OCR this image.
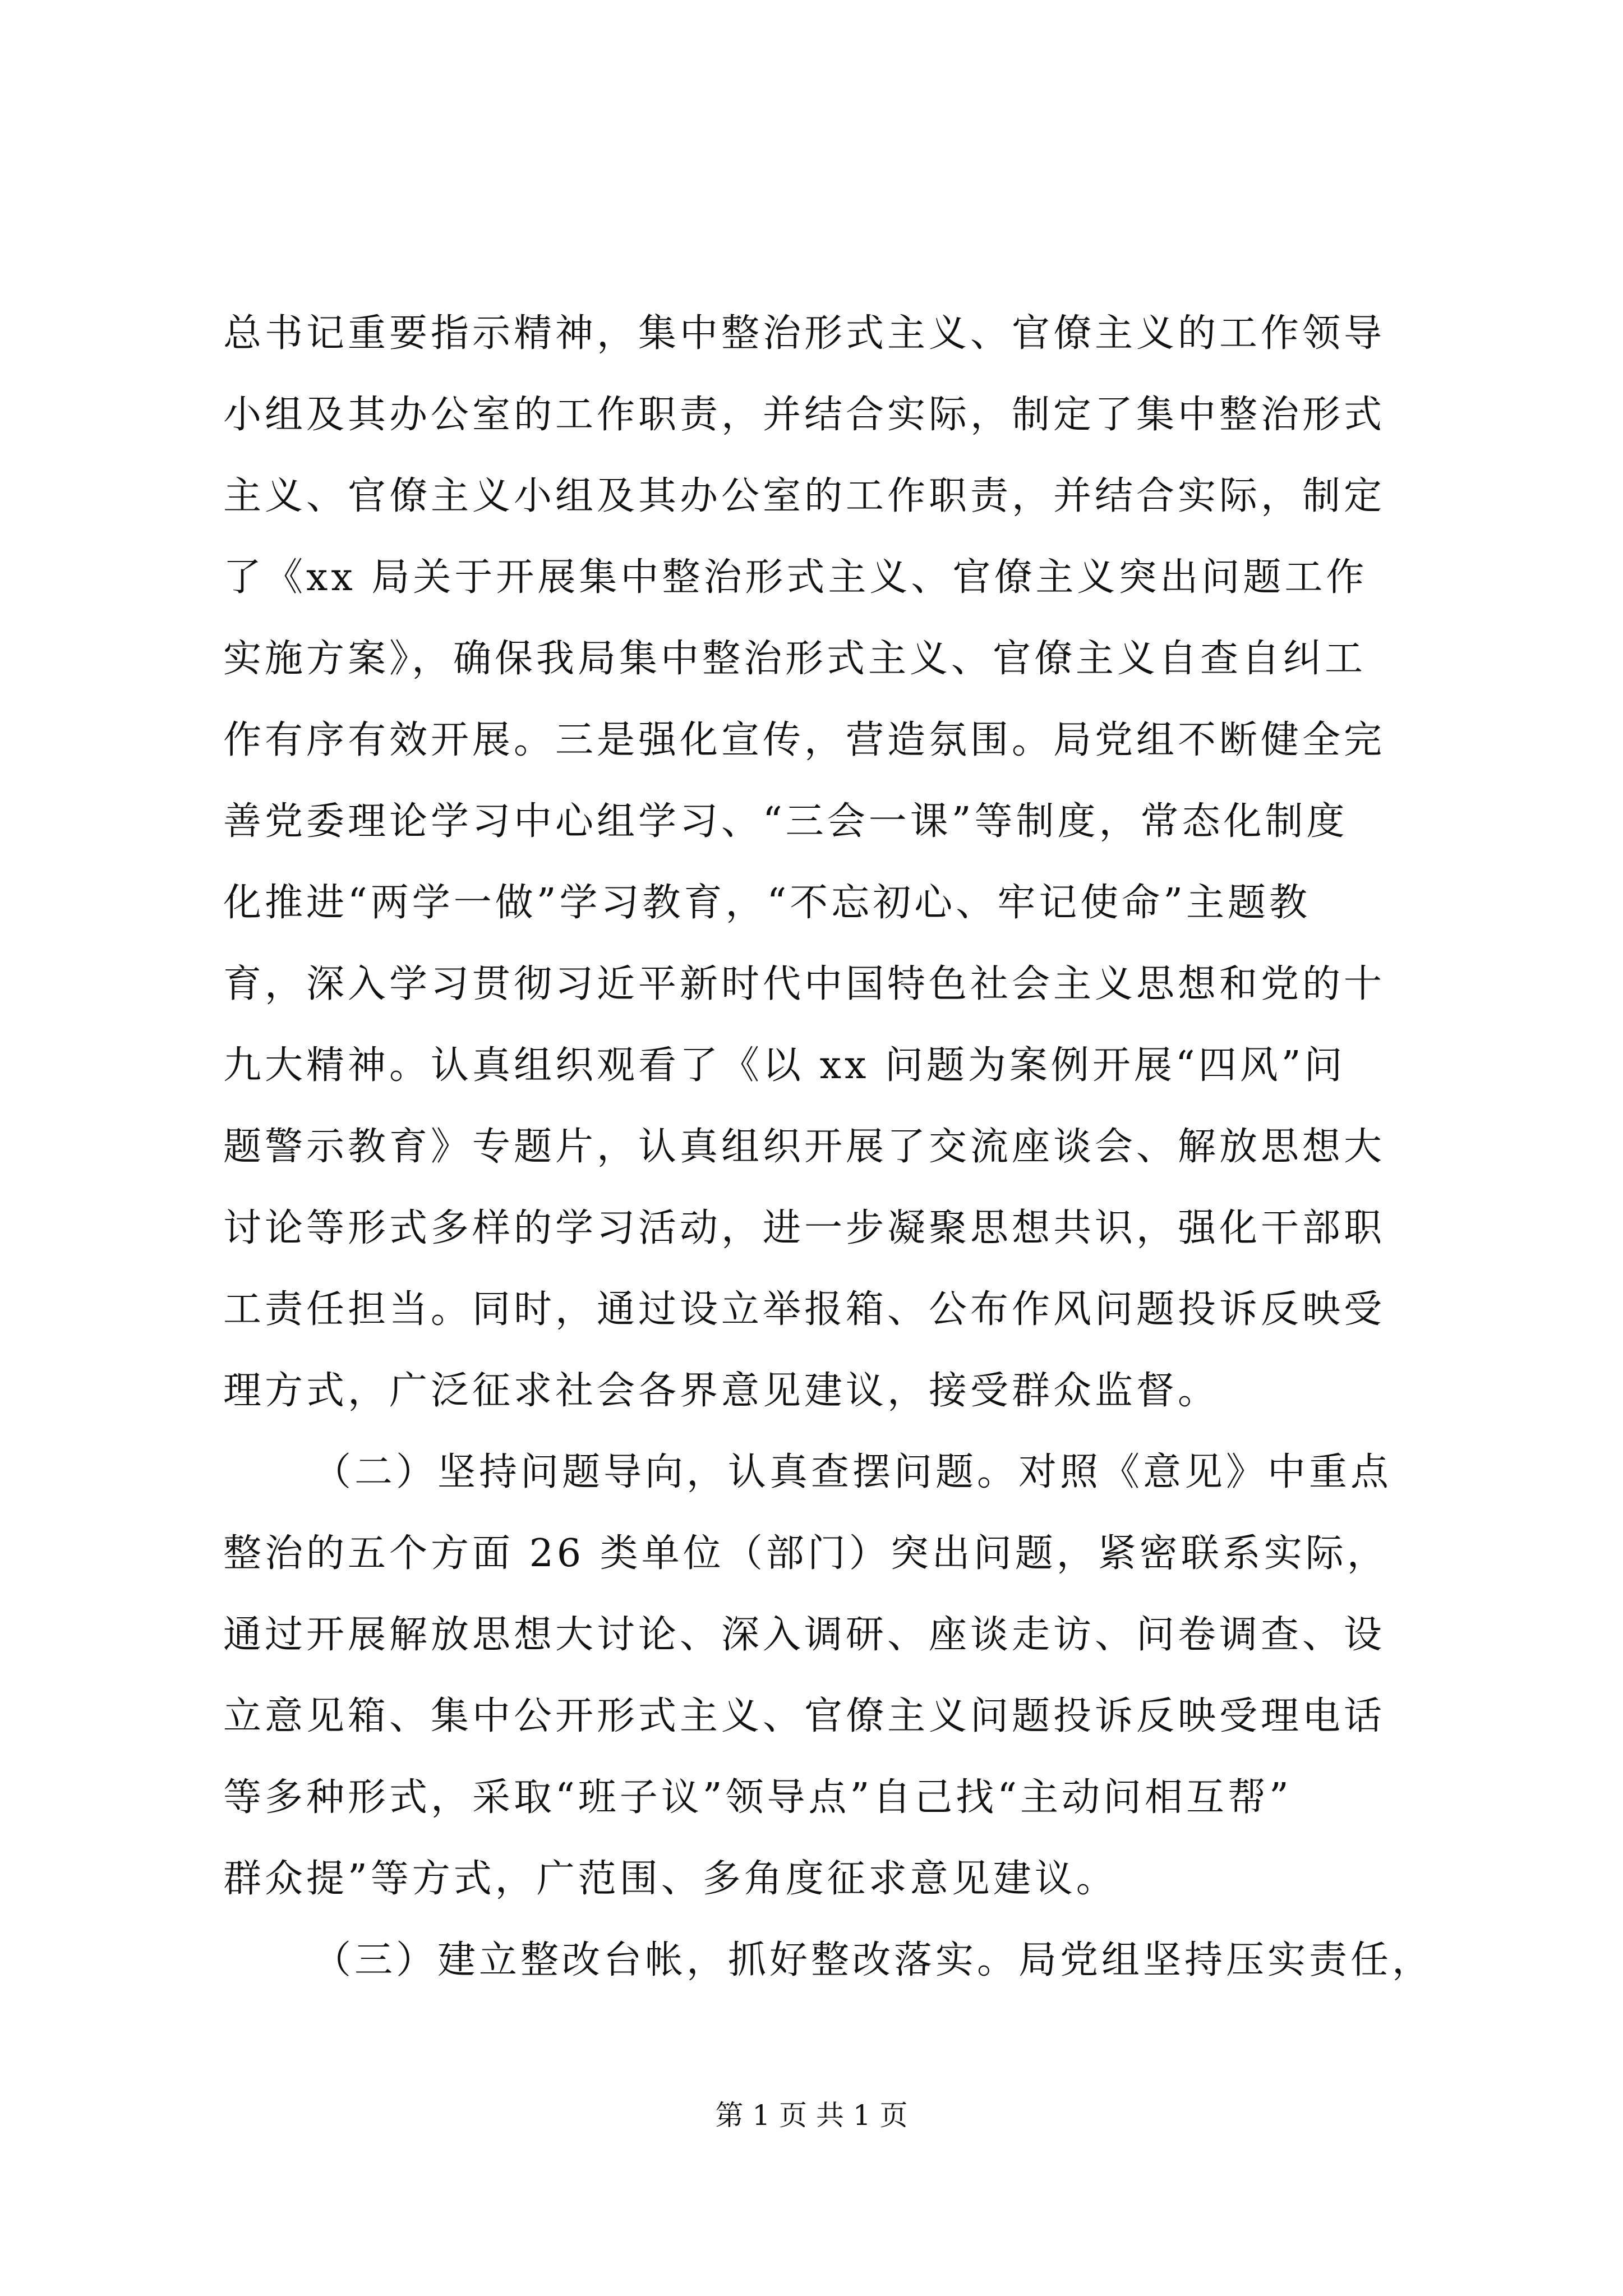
总书记重要指示精神，集中整治形式主义、官僚主义的工作领导
小组及其办公室的工作职责，并结合实际，制定了集中整治形式
主义、官僚主义小组及其办公室的工作职责，并结合实际，制定
了《xx 局关于开展集中整治形式主义、官僚主义突出问题工作
实施方案》，确保我局集中整治形式主义、官僚主义自查自纠工
作有序有效开展。三是强化宣传，营造氛围。局党组不断健全完
善党委理论学习中心组学习、“三会一课”等制度，常态化制度
化推进“两学一做”学习教育，“不忘初心、牢记使命”主题教
育，深入学习贯彻习近平新时代中国特色社会主义思想和党的十
九大精神。认真组织观看了《以 xx 问题为案例开展“四风”问
题警示教育》专题片，认真组织开展了交流座谈会、解放思想大
讨论等形式多样的学习活动，进一步凝聚思想共识，强化干部职
工责任担当。同时，通过设立举报箱、公布作风问题投诉反映受
理方式，广泛征求社会各界意见建议，接受群众监督。
（二）坚持问题导向，认真查摆问题。对照《意见》中重点
整治的五个方面 26 类单位（部门）突出问题，紧密联系实际，
通过开展解放思想大讨论、深入调研、座谈走访、问卷调查、设
立意见箱、集中公开形式主义、官僚主义问题投诉反映受理电话
等多种形式，采取“班子议”领导点”自己找“主动问相互帮”
群众提”等方式，广范围、多角度征求意见建议。
（三）建立整改台帐，抓好整改落实。局党组坚持压实责任，
第 1 页 共 1 页
